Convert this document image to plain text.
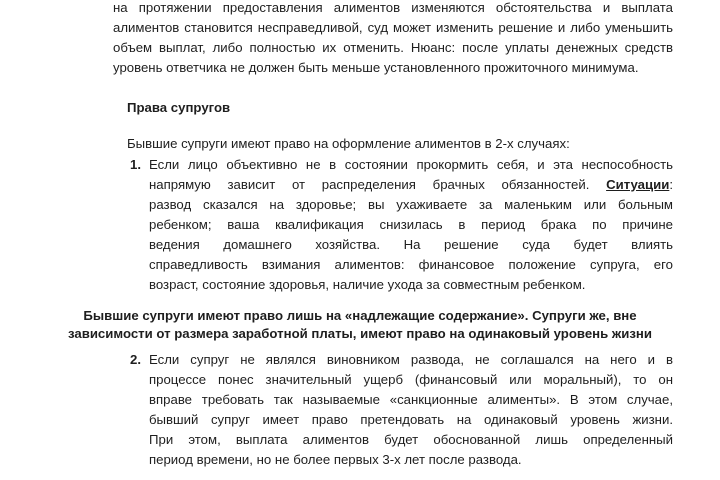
на протяжении предоставления алиментов изменяются обстоятельства и выплата
алиментов становится несправедливой, суд может изменить решение и либо уменьшить
объем выплат, либо полностью их отменить. Нюанс: после уплаты денежных средств
уровень ответчика не должен быть меньше установленного прожиточного минимума.
Права супругов
Бывшие супруги имеют право на оформление алиментов в 2-х случаях:
1. Если лицо объективно не в состоянии прокормить себя, и эта неспособность
напрямую зависит от распределения брачных обязанностей. Ситуации:
развод сказался на здоровье; вы ухаживаете за маленьким или больным
ребенком; ваша квалификация снизилась в период брака по причине
ведения домашнего хозяйства. На решение суда будет влиять
справедливость взимания алиментов: финансовое положение супруга, его
возраст, состояние здоровья, наличие ухода за совместным ребенком.
Бывшие супруги имеют право лишь на «надлежащие содержание». Супруги же, вне
зависимости от размера заработной платы, имеют право на одинаковый уровень жизни
2. Если супруг не являлся виновником развода, не соглашался на него и в
процессе понес значительный ущерб (финансовый или моральный), то он
вправе требовать так называемые «санкционные алименты». В этом случае,
бывший супруг имеет право претендовать на одинаковый уровень жизни.
При этом, выплата алиментов будет обоснованной лишь определенный
период времени, но не более первых 3-х лет после развода.
